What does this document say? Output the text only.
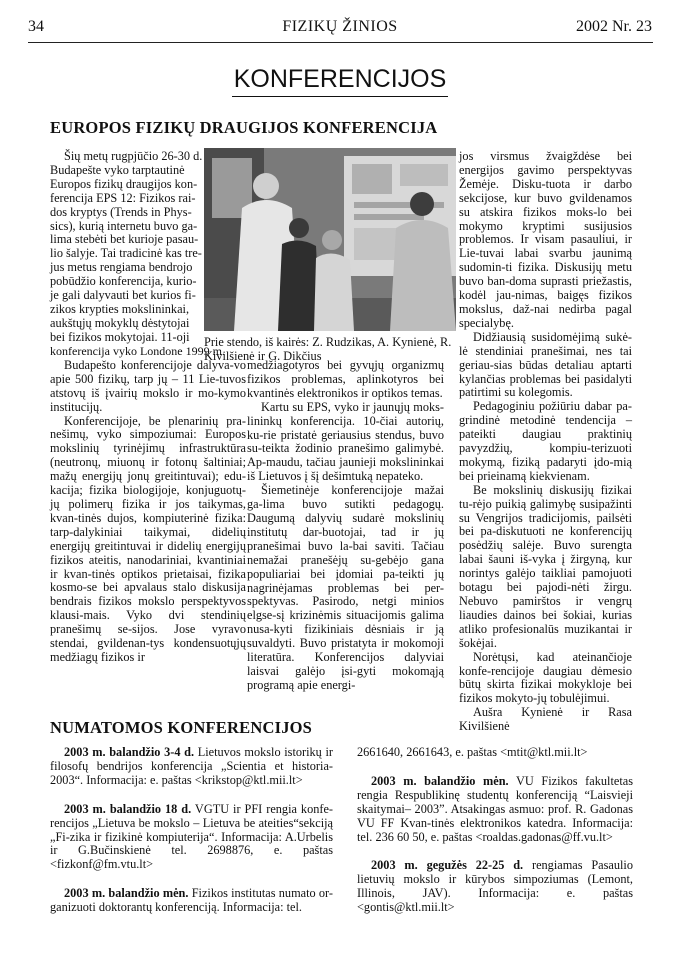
34	FIZIKŲ ŽINIOS	2002 Nr. 23
KONFERENCIJOS
EUROPOS FIZIKŲ DRAUGIJOS KONFERENCIJA
Šių metų rugpjūčio 26-30 d.
Budapešte vyko tarptautinė
Europos fizikų draugijos kon-
ferencija EPS 12: Fizikos rai-
dos kryptys (Trends in Phys-
sics), kurią internetu buvo ga-
lima stebėti bet kurioje pasau-
lio šalyje. Tai tradicinė kas tre-
jus metus rengiama bendrojo
pobūdžio konferencija, kurio-
je gali dalyvauti bet kurios fi-
zikos krypties mokslininkai,
aukštųjų mokyklų dėstytojai
bei fizikos mokytojai. 11-oji
konferencija vyko Londone 1999 m.

Budapešto konferencijoje dalyva-vo apie 500 fizikų, tarp jų – 11 Lie-tuvos atstovų iš įvairių mokslo ir mo-kymo institucijų.

Konferencijoje, be plenarinių pra-nešimų, vyko simpoziumai: Europos mokslinių tyrinėjimų infrastruktūra (neutronų, miuonų ir fotonų šaltiniai; mažų energijų jonų greitintuvai); edu-kacija; fizika biologijoje, konjuguotų-jų polimerų fizika ir jos taikymas, kvan-tinės dujos, kompiuterinė fizika: tarp-dalykiniai taikymai, didelių energijų greitintuvai ir didelių energijų fizikos ateitis, nanodariniai, kvantiniai ir kvan-tinės optikos prietaisai, fizika kosmo-se bei apvalaus stalo diskusija bendrais fizikos mokslo perspektyvos klausi-mais. Vyko dvi stendinių pranešimų se-sijos. Jose vyravo stendai, gvildenan-tys kondensuotųjų medžiagų fizikos ir

Prie stendo, iš kairės: Z. Rudzikas, A. Kynienė, R. Kivilšienė ir G. Dikčius

medžiagotyros bei gyvųjų organizmų fizikos problemas, aplinkotyros bei kvantinės elektronikos ir optikos temas.

Kartu su EPS, vyko ir jaunųjų moks-lininkų konferencija. 10-čiai autorių, ku-rie pristatė geriausius stendus, buvo su-teikta žodinio pranešimo galimybė. Ap-maudu, tačiau jaunieji mokslininkai iš Lietuvos į šį dešimtuką nepateko.

Šiemetinėje konferencijoje mažai ga-lima buvo sutikti pedagogų. Daugumą dalyvių sudarė mokslinių institutų dar-buotojai, tad ir jų pranešimai buvo la-bai saviti. Tačiau nemažai pranešėjų su-gebėjo gana populiariai bei įdomiai pa-teikti jų nagrinėjamas problemas bei per-spektyvas. Pasirodo, netgi minios elgse-sį krizinėmis situacijomis galima nusa-kyti fizikiniais dėsniais ir ją suvaldyti. Buvo pristatyta ir mokomoji literatūra. Konferencijos dalyviai laisvai galėjo įsi-gyti mokomąją programą apie energi-

jos virsmus žvaigždėse bei energijos gavimo perspektyvas Žemėje. Disku-tuota ir darbo sekcijose, kur buvo gvildenamos su atskira fizikos moks-lo bei mokymo kryptimi susijusios problemos. Ir visam pasauliui, ir Lie-tuvai labai svarbu jaunimą sudomin-ti fizika. Diskusijų metu buvo ban-doma suprasti priežastis, kodėl jau-nimas, baigęs fizikos mokslus, daž-nai nedirba pagal specialybę.

Didžiausią susidomėjimą sukė-lė stendiniai pranešimai, nes tai geriau-sias būdas detaliau aptarti kylančias problemas bei pasidalyti patirtimi su kolegomis.

Pedagoginiu požiūriu dabar pa-grindinė metodinė tendencija – pateikti daugiau praktinių pavyzdžių, kompiu-terizuoti mokymą, fiziką padaryti įdo-mią bei prieinamą kiekvienam.

Be mokslinių diskusijų fizikai tu-rėjo puikią galimybę susipažinti su Vengrijos tradicijomis, pailsėti bei pa-diskutuoti ne konferencijų posėdžių salėje. Buvo surengta labai šauni iš-vyka į žirgyną, kur norintys galėjo taikliai pamojuoti botagu bei pajodi-nėti žirgu. Nebuvo pamirštos ir vengrų liaudies dainos bei šokiai, kurias atliko profesionalūs muzikantai ir šokėjai.

Norėtųsi, kad ateinančioje konfe-rencijoje daugiau dėmesio būtų skirta fizikai mokykloje bei fizikos mokyto-jų tobulėjimui.

Aušra Kynienė ir Rasa Kivilšienė

NUMATOMOS KONFERENCIJOS

2003 m. balandžio 3-4 d. Lietuvos mokslo istorikų ir filosofų bendrijos konferencija „Scientia et historia-2003“. Informacija: e. paštas <krikstop@ktl.mii.lt>

2003 m. balandžio 18 d. VGTU ir PFI rengia konfe-rencijos „Lietuva be mokslo – Lietuva be ateities“sekciją „Fi-zika ir fizikinė kompiuterija“. Informacija: A.Urbelis ir G.Bučinskienė tel. 2698876, e. paštas <fizkonf@fm.vtu.lt>

2003 m. balandžio mėn. Fizikos institutas numato or-ganizuoti doktorantų konferenciją. Informacija: tel.

2661640, 2661643, e. paštas <mtit@ktl.mii.lt>

2003 m. balandžio mėn. VU Fizikos fakultetas rengia Respublikinę studentų konferenciją “Laisvieji skaitymai– 2003”. Atsakingas asmuo: prof. R. Gadonas VU FF Kvan-tinės elektronikos katedra. Informacija: tel. 236 60 50, e. paštas <roaldas.gadonas@ff.vu.lt>

2003 m. gegužės 22-25 d. rengiamas Pasaulio lietuvių mokslo ir kūrybos simpoziumas (Lemont, Illinois, JAV). Informacija: e. paštas <gontis@ktl.mii.lt>
